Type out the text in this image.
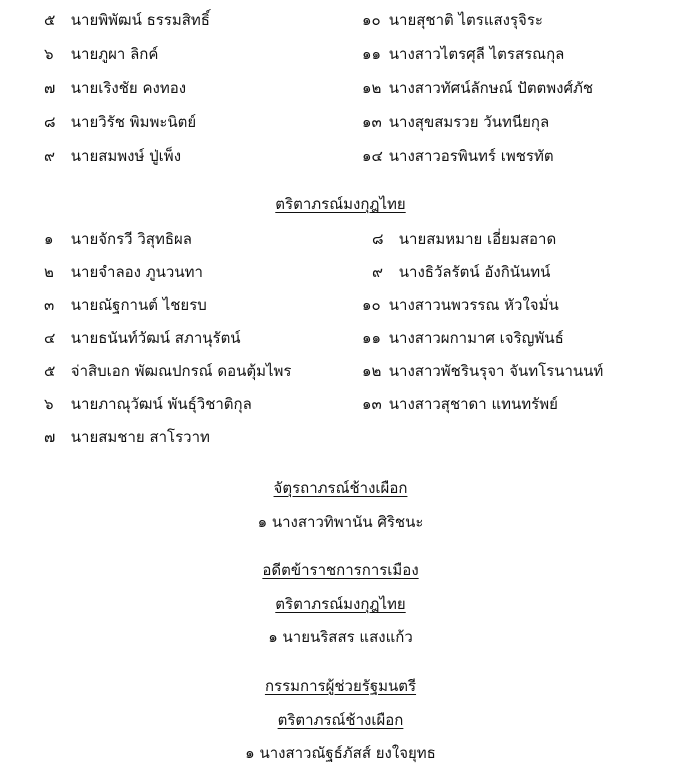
๕ นายพิพัฒน์ ธรรมสิทธิ์
๖ นายภูผา ลิกค์
๗ นายเริงชัย คงทอง
๘ นายวิรัช พิมพะนิตย์
๙ นายสมพงษ์ ปู่เพ็ง
๑๐ นายสุชาติ ไตรแสงรุจิระ
๑๑ นางสาวไตรศุลี ไตรสรณกุล
๑๒ นางสาวทัศน์ลักษณ์ ปัตตพงศ์ภัช
๑๓ นางสุขสมรวย วันทนียกุล
๑๔ นางสาวอรพินทร์ เพชรทัต
ตริตาภรณ์มงกุฎไทย
๑ นายจักรวี วิสุทธิผล
๒ นายจำลอง ภูนวนทา
๓ นายณัฐกานต์ ไชยรบ
๔ นายธนันท์วัฒน์ สภานุรัตน์
๕ จ่าสิบเอก พัฒณปกรณ์ ดอนตุ้มไพร
๖ นายภาณุวัฒน์ พันธุ์วิชาติกุล
๗ นายสมชาย สาโรวาท
๘ นายสมหมาย เอี่ยมสอาด
๙ นางธิวัลรัตน์ อังกินันทน์
๑๐ นางสาวนพวรรณ หัวใจมั่น
๑๑ นางสาวผกามาศ เจริญพันธ์
๑๒ นางสาวพัชรินรุจา จันทโรนานนท์
๑๓ นางสาวสุชาดา แทนทรัพย์
จัตุรถาภรณ์ช้างเผือก
๑ นางสาวทิพานัน ศิริชนะ
อดีตข้าราชการการเมือง
ตริตาภรณ์มงกุฎไทย
๑ นายนริสสร แสงแก้ว
กรรมการผู้ช่วยรัฐมนตรี
ตริตาภรณ์ช้างเผือก
๑ นางสาวณัฐธ์ภัสส์ ยงใจยุทธ
